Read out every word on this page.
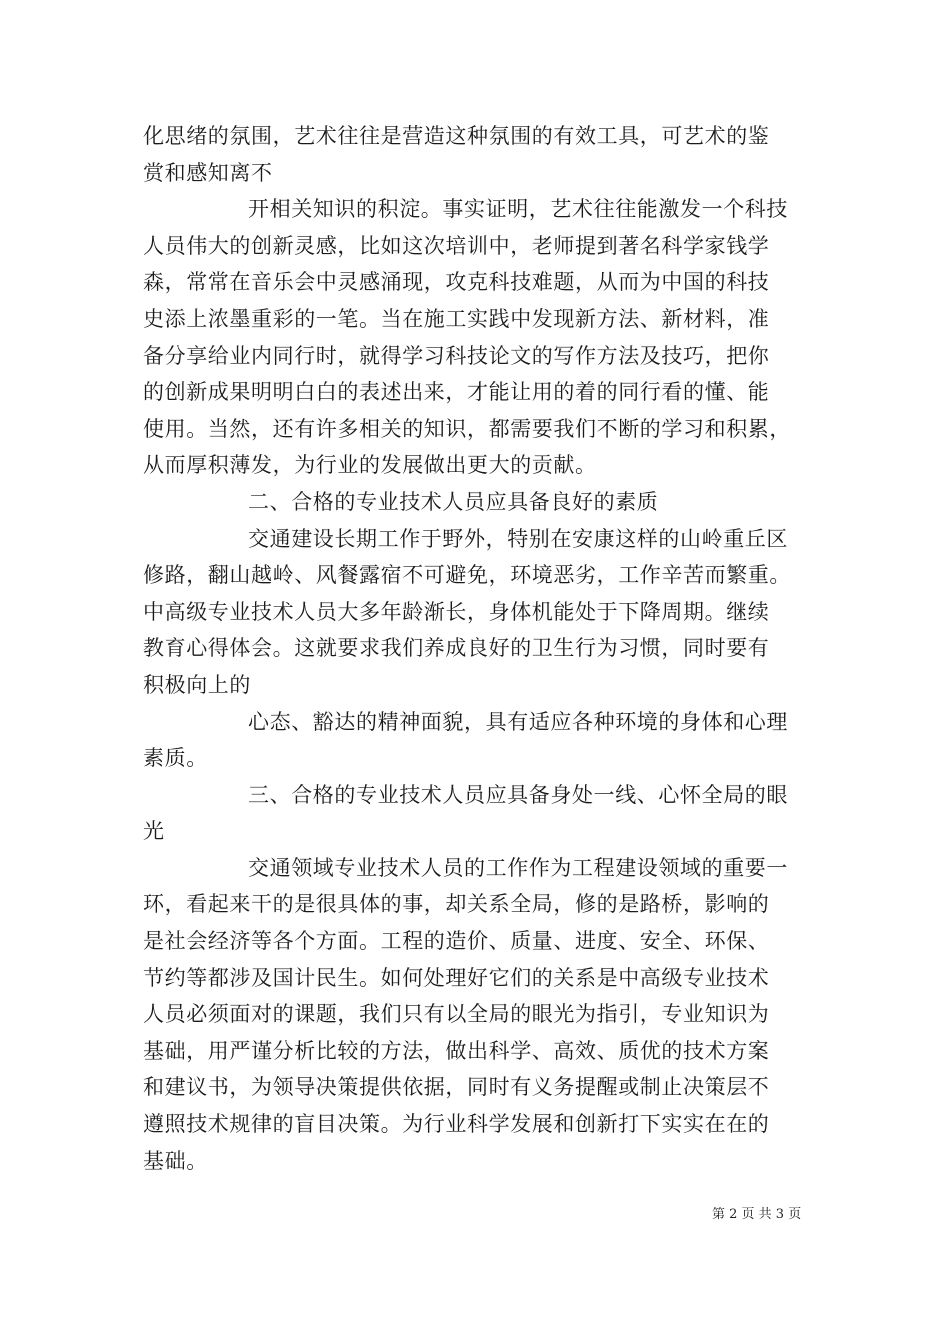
化思绪的氛围，艺术往往是营造这种氛围的有效工具，可艺术的鉴
赏和感知离不
开相关知识的积淀。事实证明，艺术往往能激发一个科技
人员伟大的创新灵感，比如这次培训中，老师提到著名科学家钱学
森，常常在音乐会中灵感涌现，攻克科技难题，从而为中国的科技
史添上浓墨重彩的一笔。当在施工实践中发现新方法、新材料，准
备分享给业内同行时，就得学习科技论文的写作方法及技巧，把你
的创新成果明明白白的表述出来，才能让用的着的同行看的懂、能
使用。当然，还有许多相关的知识，都需要我们不断的学习和积累，
从而厚积薄发，为行业的发展做出更大的贡献。
二、合格的专业技术人员应具备良好的素质
交通建设长期工作于野外，特别在安康这样的山岭重丘区
修路，翻山越岭、风餐露宿不可避免，环境恶劣，工作辛苦而繁重。
中高级专业技术人员大多年龄渐长，身体机能处于下降周期。继续
教育心得体会。这就要求我们养成良好的卫生行为习惯，同时要有
积极向上的
心态、豁达的精神面貌，具有适应各种环境的身体和心理
素质。
三、合格的专业技术人员应具备身处一线、心怀全局的眼
光
交通领域专业技术人员的工作作为工程建设领域的重要一
环，看起来干的是很具体的事，却关系全局，修的是路桥，影响的
是社会经济等各个方面。工程的造价、质量、进度、安全、环保、
节约等都涉及国计民生。如何处理好它们的关系是中高级专业技术
人员必须面对的课题，我们只有以全局的眼光为指引，专业知识为
基础，用严谨分析比较的方法，做出科学、高效、质优的技术方案
和建议书，为领导决策提供依据，同时有义务提醒或制止决策层不
遵照技术规律的盲目决策。为行业科学发展和创新打下实实在在的
基础。
第 2 页 共 3 页
